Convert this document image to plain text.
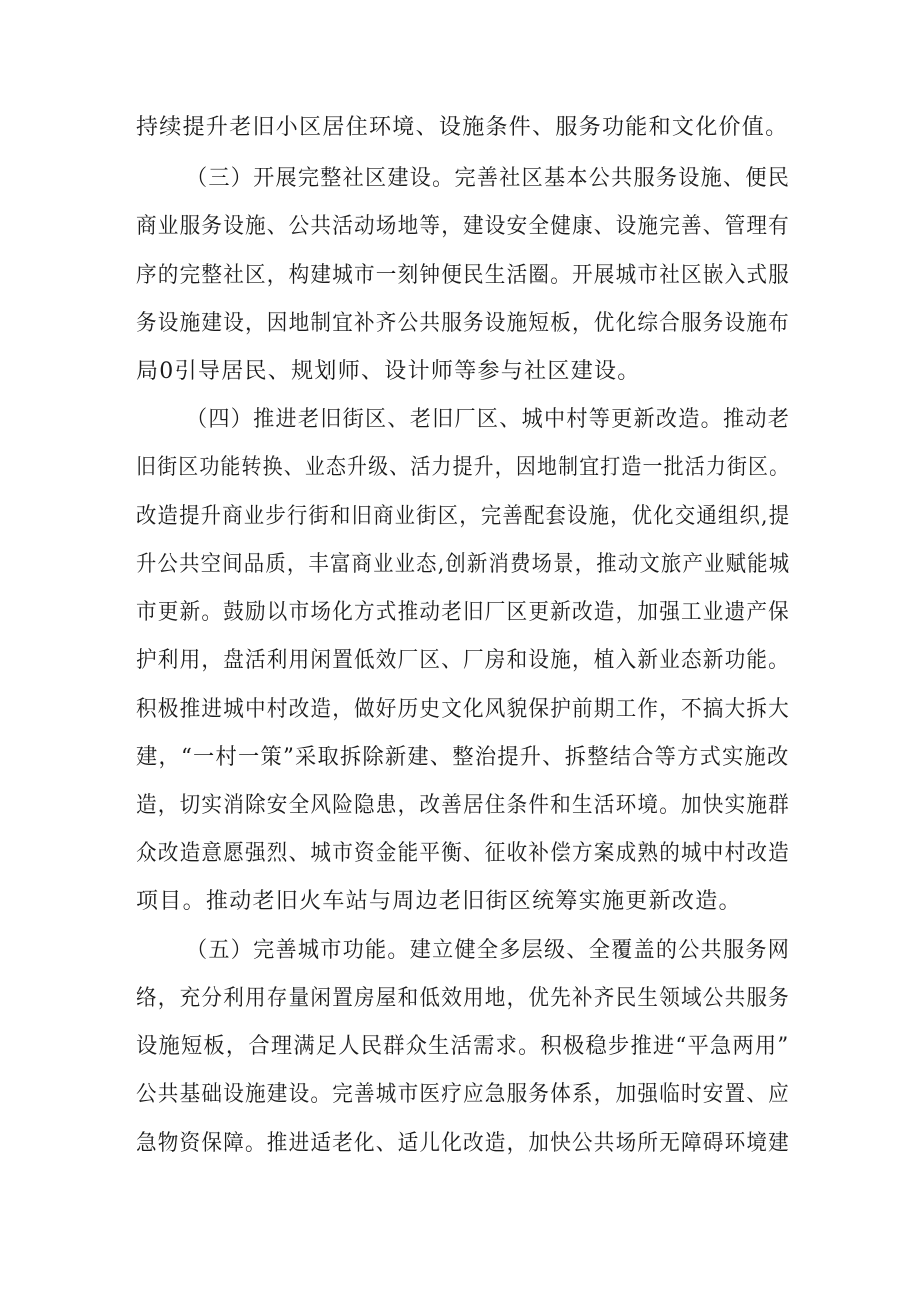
持续提升老旧小区居住环境、设施条件、服务功能和文化价值。
（三）开展完整社区建设。完善社区基本公共服务设施、便民
商业服务设施、公共活动场地等，建设安全健康、设施完善、管理有
序的完整社区，构建城市一刻钟便民生活圈。开展城市社区嵌入式服
务设施建设，因地制宜补齐公共服务设施短板，优化综合服务设施布
局0引导居民、规划师、设计师等参与社区建设。
（四）推进老旧街区、老旧厂区、城中村等更新改造。推动老
旧街区功能转换、业态升级、活力提升，因地制宜打造一批活力街区。
改造提升商业步行街和旧商业街区，完善配套设施，优化交通组织,提
升公共空间品质，丰富商业业态,创新消费场景，推动文旅产业赋能城
市更新。鼓励以市场化方式推动老旧厂区更新改造，加强工业遗产保
护利用，盘活利用闲置低效厂区、厂房和设施，植入新业态新功能。
积极推进城中村改造，做好历史文化风貌保护前期工作，不搞大拆大
建，“一村一策”采取拆除新建、整治提升、拆整结合等方式实施改
造，切实消除安全风险隐患，改善居住条件和生活环境。加快实施群
众改造意愿强烈、城市资金能平衡、征收补偿方案成熟的城中村改造
项目。推动老旧火车站与周边老旧街区统筹实施更新改造。
（五）完善城市功能。建立健全多层级、全覆盖的公共服务网
络，充分利用存量闲置房屋和低效用地，优先补齐民生领域公共服务
设施短板，合理满足人民群众生活需求。积极稳步推进“平急两用”
公共基础设施建设。完善城市医疗应急服务体系，加强临时安置、应
急物资保障。推进适老化、适儿化改造，加快公共场所无障碍环境建
